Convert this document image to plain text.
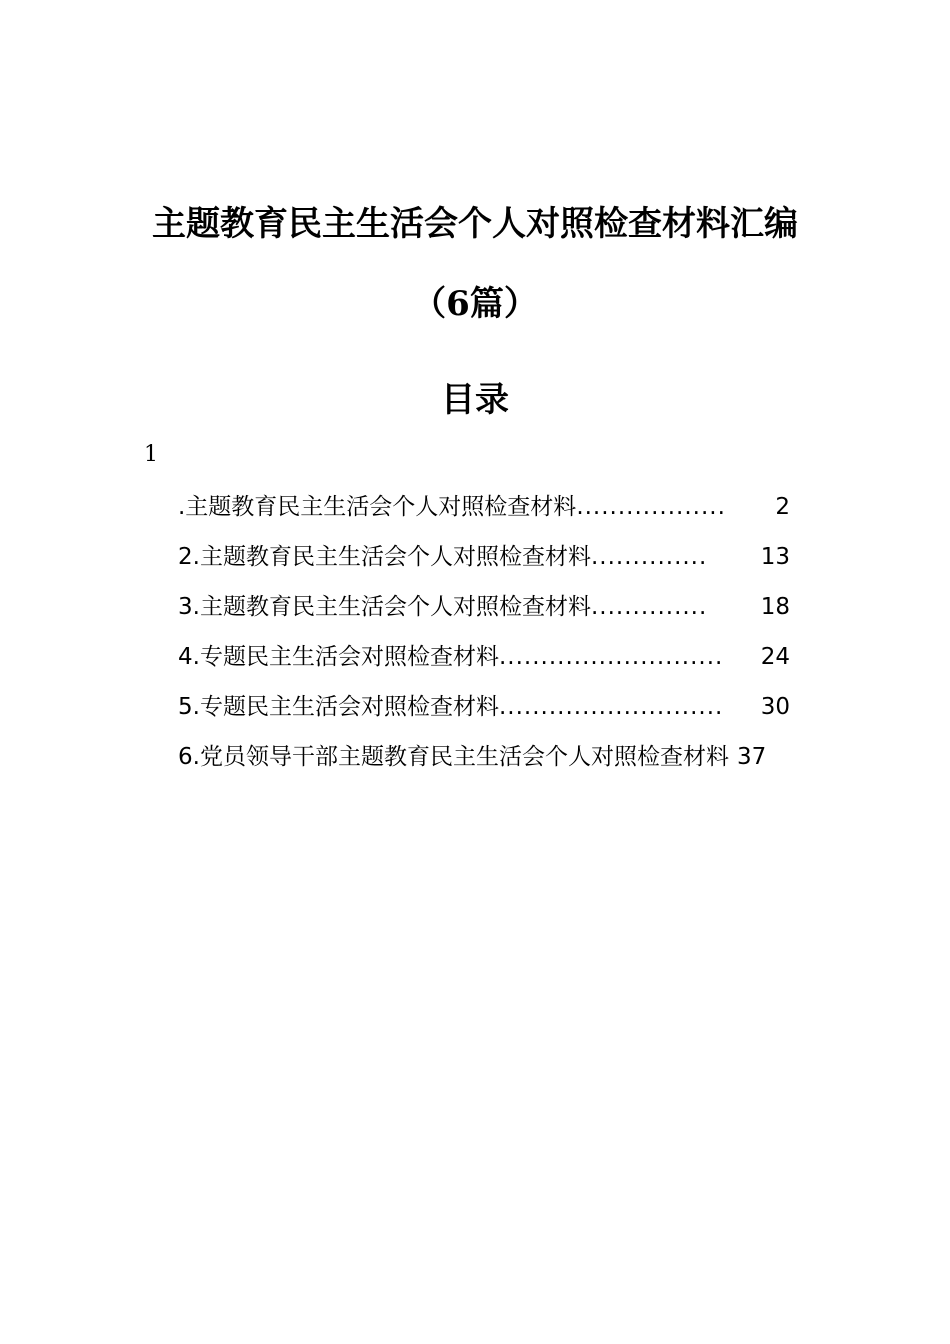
主题教育民主生活会个人对照检查材料汇编
（6篇）
目录
1
.主题教育民主生活会个人对照检查材料 ..................	2
2.主题教育民主生活会个人对照检查材料 ..............	13
3.主题教育民主生活会个人对照检查材料 ..............	18
4.专题民主生活会对照检查材料 ...........................	24
5.专题民主生活会对照检查材料 ...........................	30
6.党员领导干部主题教育民主生活会个人对照检查材料 37
